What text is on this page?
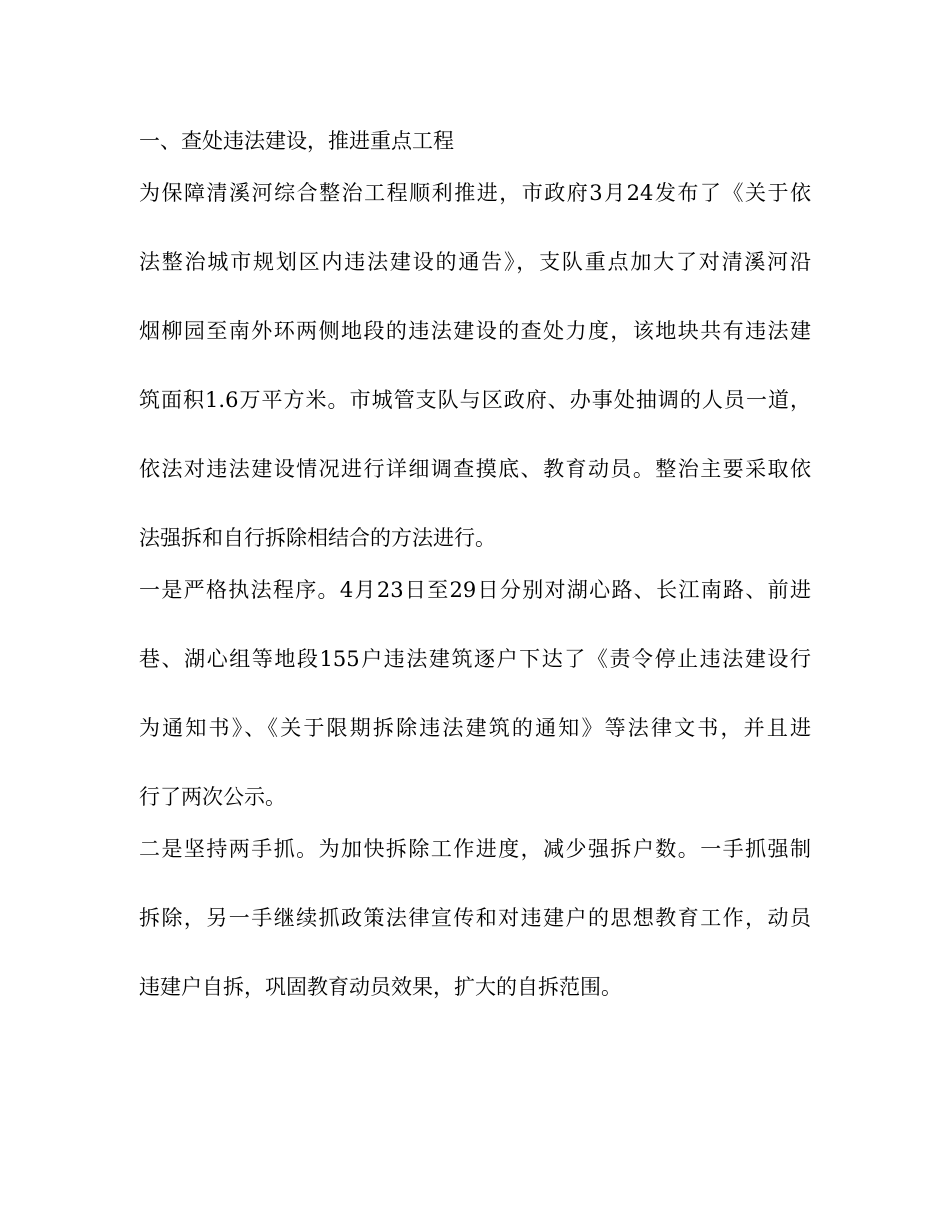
一、查处违法建设，推进重点工程
为保障清溪河综合整治工程顺利推进，市政府3月24发布了《关于依
法整治城市规划区内违法建设的通告》，支队重点加大了对清溪河沿
烟柳园至南外环两侧地段的违法建设的查处力度，该地块共有违法建
筑面积1.6万平方米。市城管支队与区政府、办事处抽调的人员一道，
依法对违法建设情况进行详细调查摸底、教育动员。整治主要采取依
法强拆和自行拆除相结合的方法进行。
一是严格执法程序。4月23日至29日分别对湖心路、长江南路、前进
巷、湖心组等地段155户违法建筑逐户下达了《责令停止违法建设行
为通知书》、《关于限期拆除违法建筑的通知》等法律文书，并且进
行了两次公示。
二是坚持两手抓。为加快拆除工作进度，减少强拆户数。一手抓强制
拆除，另一手继续抓政策法律宣传和对违建户的思想教育工作，动员
违建户自拆，巩固教育动员效果，扩大的自拆范围。
